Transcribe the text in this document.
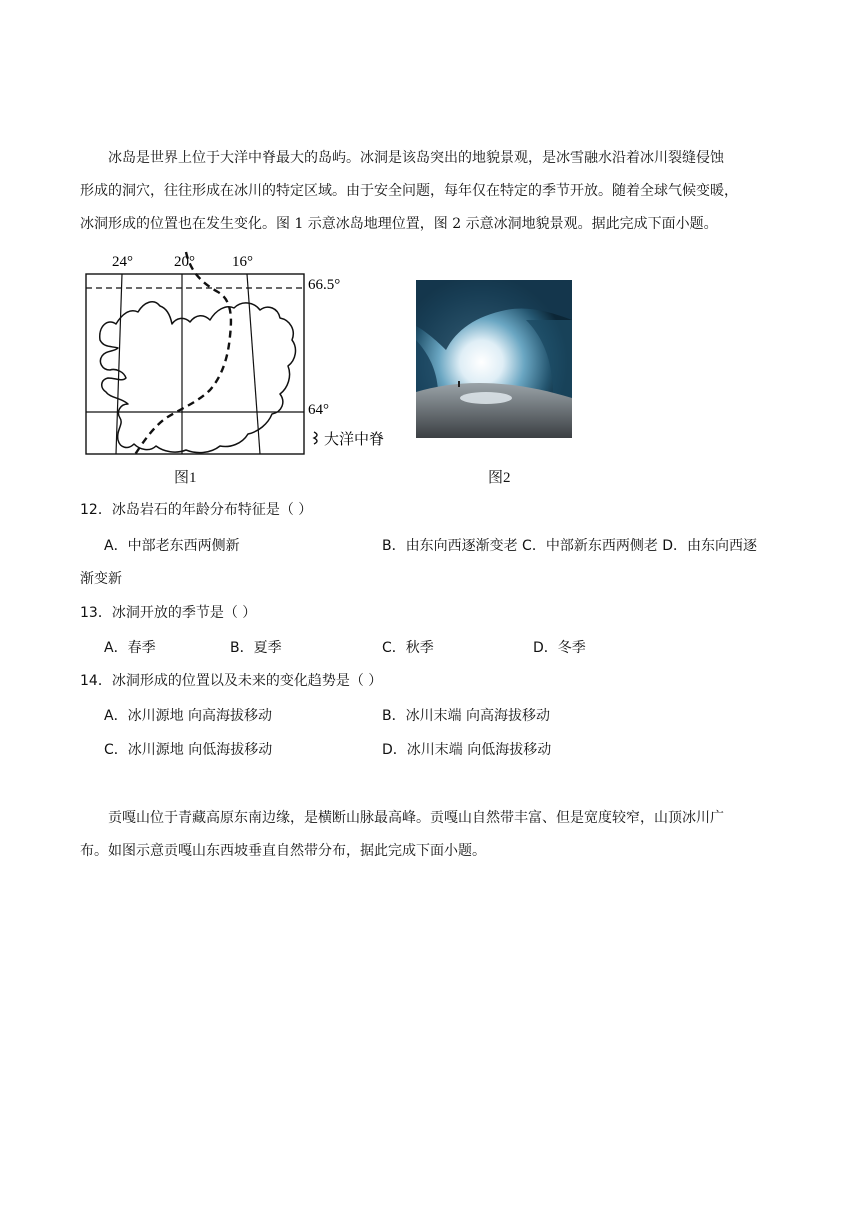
冰岛是世界上位于大洋中脊最大的岛屿。冰洞是该岛突出的地貌景观，是冰雪融水沿着冰川裂缝侵蚀

形成的洞穴，往往形成在冰川的特定区域。由于安全问题，每年仅在特定的季节开放。随着全球气候变暖，

冰洞形成的位置也在发生变化。图 1 示意冰岛地理位置，图 2 示意冰洞地貌景观。据此完成下面小题。

24°	20° 16°
66.5°
64°
大洋中脊
图1	图2

12．冰岛岩石的年龄分布特征是（ ）

A．中部老东西两侧新	B．由东向西逐渐变老 C．中部新东西两侧老 D．由东向西逐
渐变新

13．冰洞开放的季节是（ ）

A．春季	B．夏季	C．秋季	D．冬季

14．冰洞形成的位置以及未来的变化趋势是（ ）

A．冰川源地 向高海拔移动	B．冰川末端 向高海拔移动
C．冰川源地 向低海拔移动	D．冰川末端 向低海拔移动

贡嘎山位于青藏高原东南边缘，是横断山脉最高峰。贡嘎山自然带丰富、但是宽度较窄，山顶冰川广

布。如图示意贡嘎山东西坡垂直自然带分布，据此完成下面小题。
